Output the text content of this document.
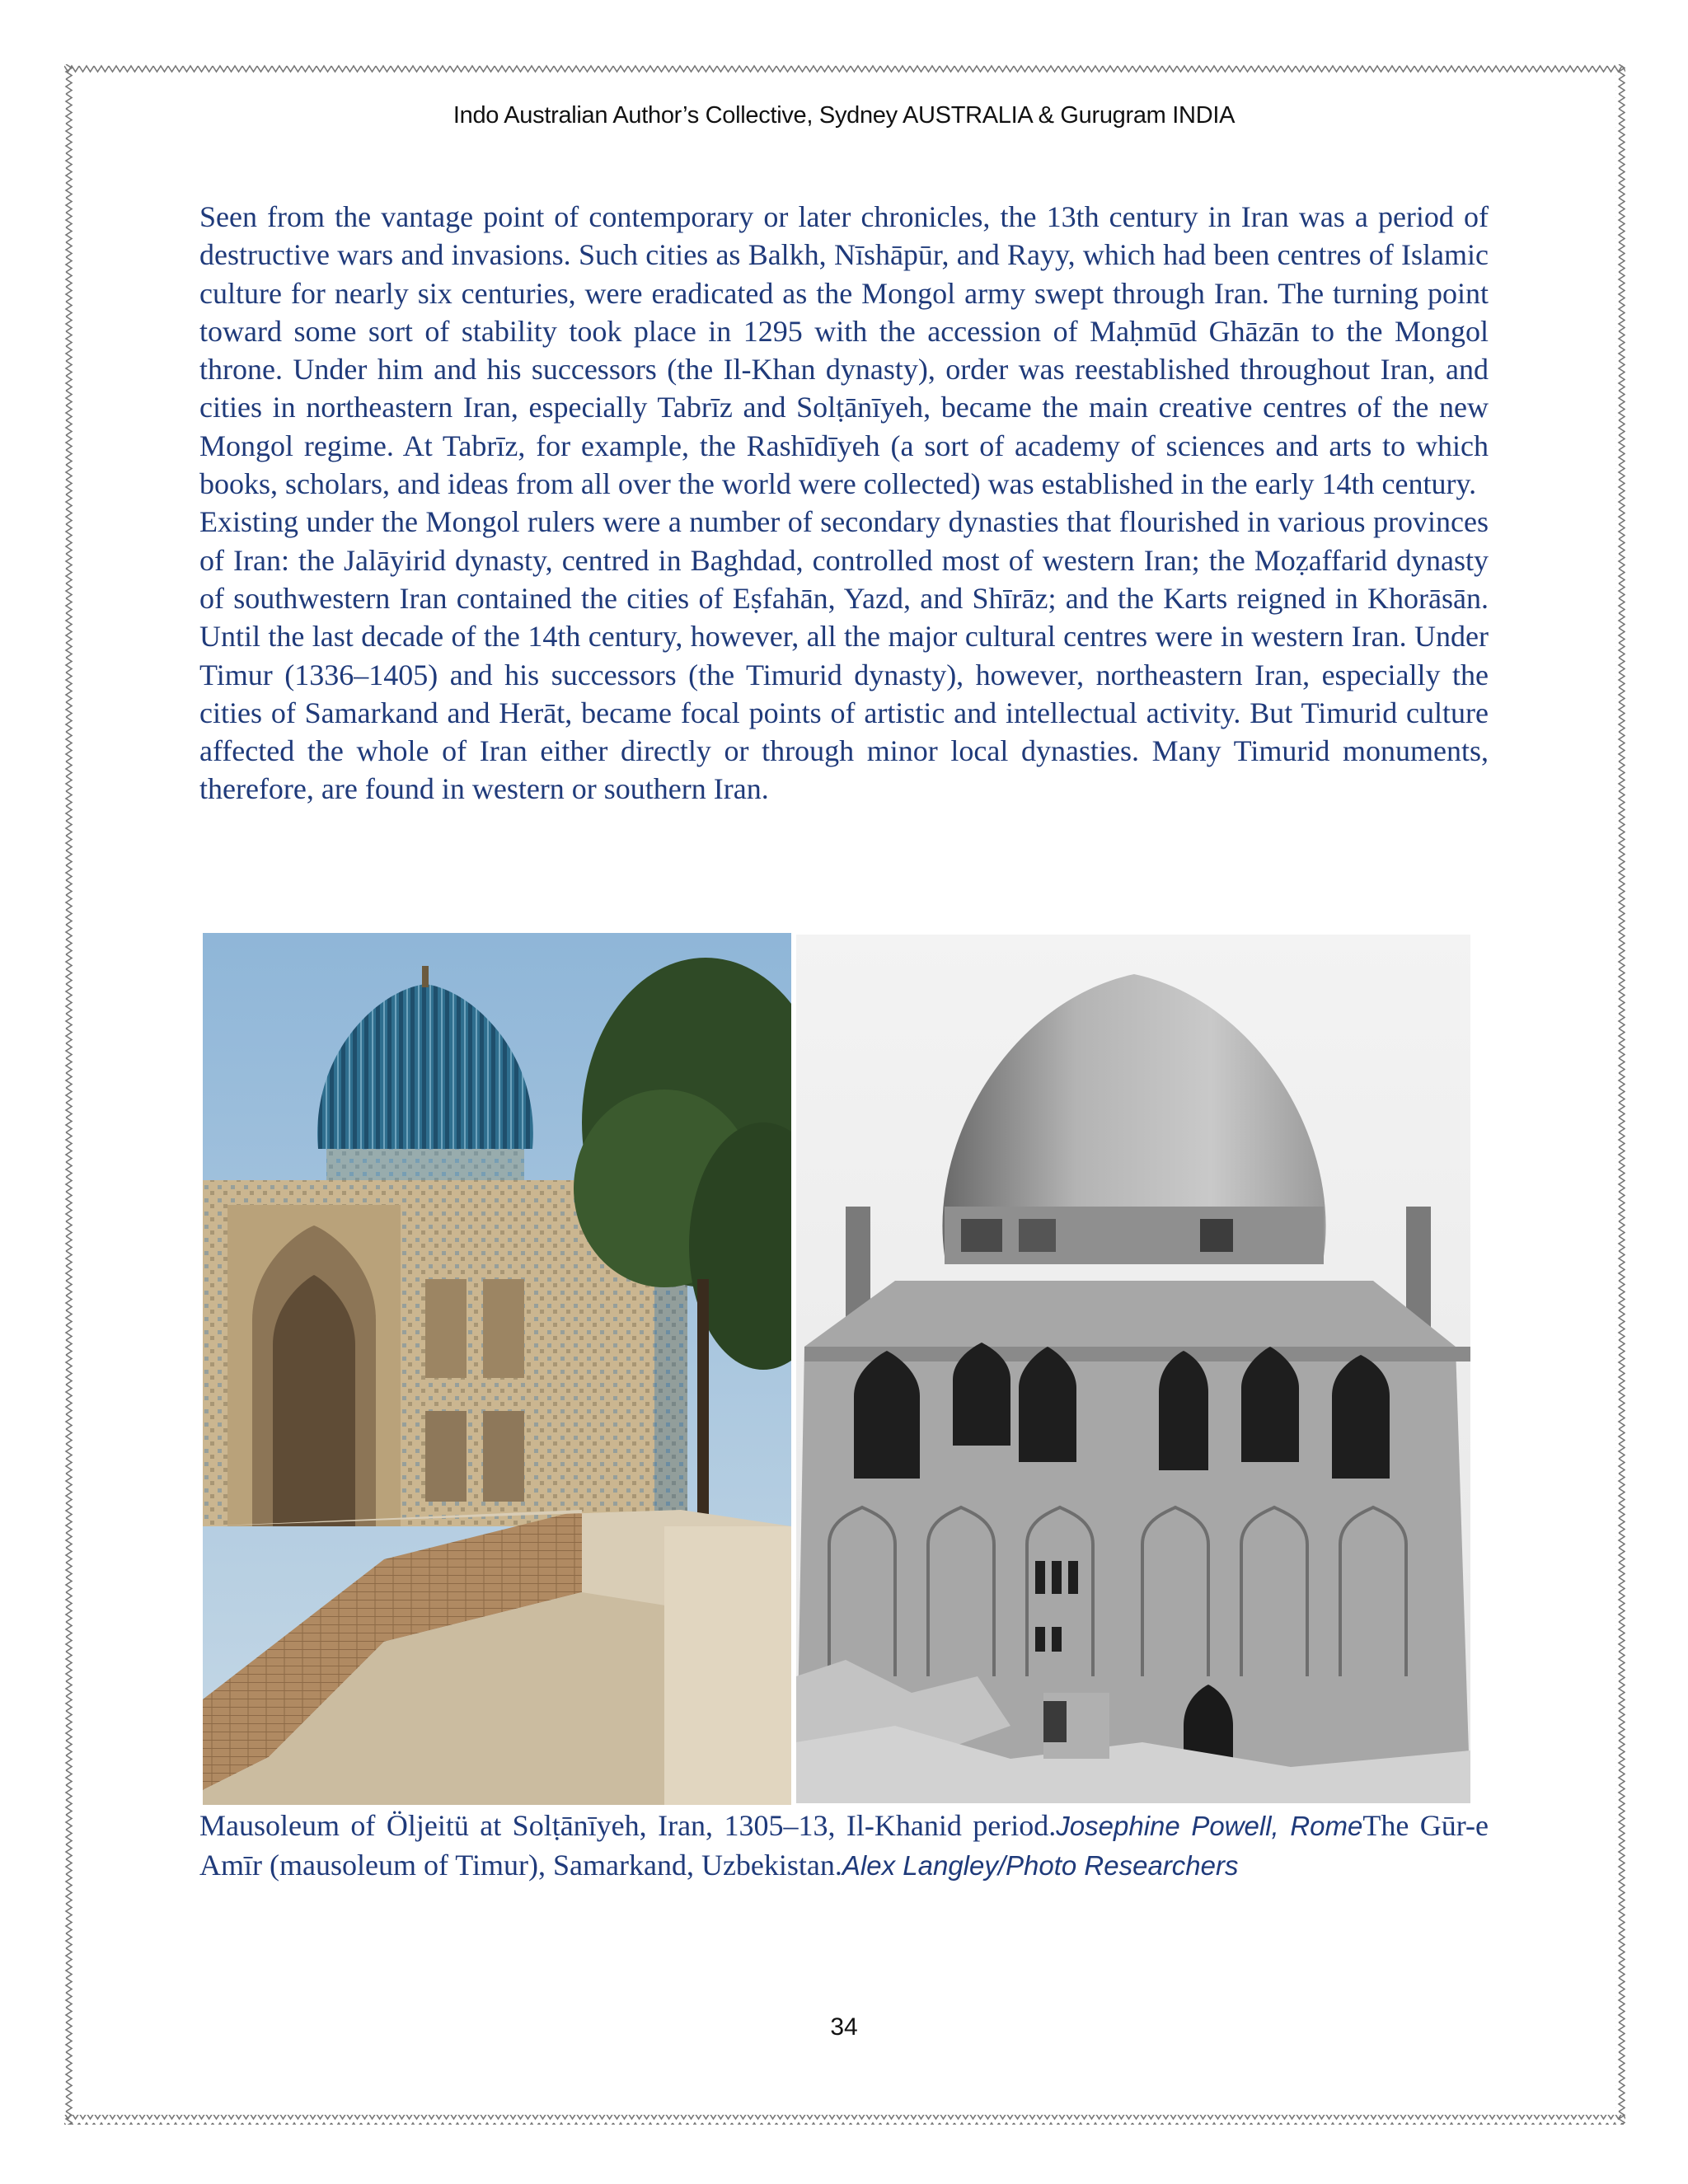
Indo Australian Author’s Collective, Sydney AUSTRALIA & Gurugram INDIA

Seen from the vantage point of contemporary or later chronicles, the 13th century in Iran was a period of destructive wars and invasions. Such cities as Balkh, Nīshāpūr, and Rayy, which had been centres of Islamic culture for nearly six centuries, were eradicated as the Mongol army swept through Iran. The turning point toward some sort of stability took place in 1295 with the accession of Maḥmūd Ghāzān to the Mongol throne. Under him and his successors (the Il-Khan dynasty), order was reestablished throughout Iran, and cities in northeastern Iran, especially Tabrīz and Solṭānīyeh, became the main creative centres of the new Mongol regime. At Tabrīz, for example, the Rashīdīyeh (a sort of academy of sciences and arts to which books, scholars, and ideas from all over the world were collected) was established in the early 14th century.

Existing under the Mongol rulers were a number of secondary dynasties that flourished in various provinces of Iran: the Jalāyirid dynasty, centred in Baghdad, controlled most of western Iran; the Moẓaffarid dynasty of southwestern Iran contained the cities of Eṣfahān, Yazd, and Shīrāz; and the Karts reigned in Khorāsān. Until the last decade of the 14th century, however, all the major cultural centres were in western Iran. Under Timur (1336–1405) and his successors (the Timurid dynasty), however, northeastern Iran, especially the cities of Samarkand and Herāt, became focal points of artistic and intellectual activity. But Timurid culture affected the whole of Iran either directly or through minor local dynasties. Many Timurid monuments, therefore, are found in western or southern Iran.

Mausoleum of Öljeitü at Solṭānīyeh, Iran, 1305–13, Il-Khanid period.Josephine Powell, RomeThe Gūr-e Amīr (mausoleum of Timur), Samarkand, Uzbekistan.Alex Langley/Photo Researchers
34
